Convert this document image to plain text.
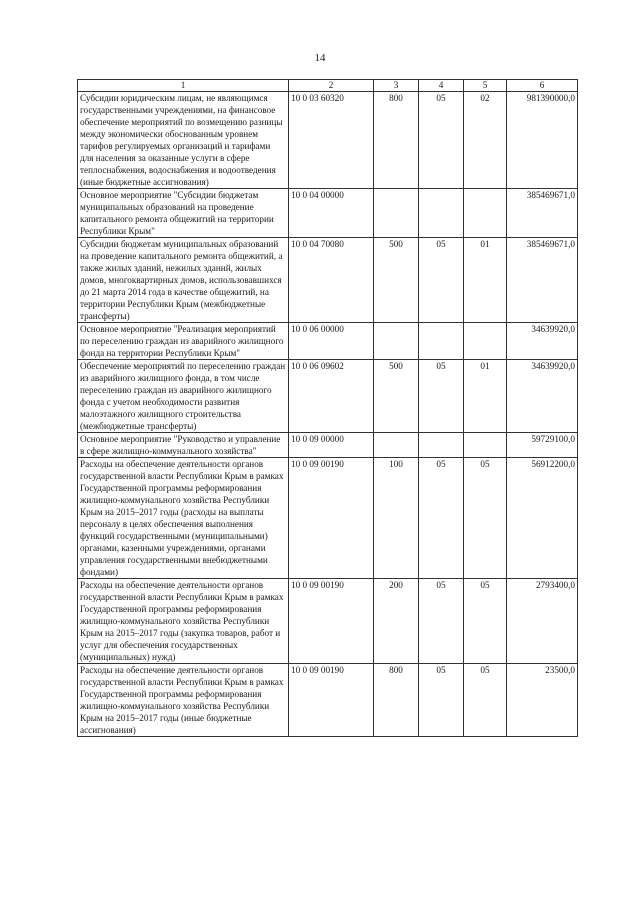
14
1	2	3	4	5	6
Субсидии юридическим лицам, не являющимся государственными учреждениями, на финансовое обеспечение мероприятий по возмещению разницы между экономически обоснованным уровнем тарифов регулируемых организаций и тарифами для населения за оказанные услуги в сфере теплоснабжения, водоснабжения и водоотведения (иные бюджетные ассигнования)	10 0 03 60320	800	05	02	981390000,0
Основное мероприятие "Субсидии бюджетам муниципальных образований на проведение капитального ремонта общежитий на территории Республики Крым"	10 0 04 00000				385469671,0
Субсидии бюджетам муниципальных образований на проведение капитального ремонта общежитий, а также жилых зданий, нежилых зданий, жилых домов, многоквартирных домов, использовавшихся до 21 марта 2014 года в качестве общежитий, на территории Республики Крым (межбюджетные трансферты)	10 0 04 70080	500	05	01	385469671,0
Основное мероприятие "Реализация мероприятий по переселению граждан из аварийного жилищного фонда на территории Республики Крым"	10 0 06 00000				34639920,0
Обеспечение мероприятий по переселению граждан из аварийного жилищного фонда, в том числе переселению граждан из аварийного жилищного фонда с учетом необходимости развития малоэтажного жилищного строительства (межбюджетные трансферты)	10 0 06 09602	500	05	01	34639920,0
Основное мероприятие "Руководство и управление в сфере жилищно-коммунального хозяйства"	10 0 09 00000				59729100,0
Расходы на обеспечение деятельности органов государственной власти Республики Крым в рамках Государственной программы реформирования жилищно-коммунального хозяйства Республики Крым на 2015–2017 годы (расходы на выплаты персоналу в целях обеспечения выполнения функций государственными (муниципальными) органами, казенными учреждениями, органами управления государственными внебюджетными фондами)	10 0 09 00190	100	05	05	56912200,0
Расходы на обеспечение деятельности органов государственной власти Республики Крым в рамках Государственной программы реформирования жилищно-коммунального хозяйства Республики Крым на 2015–2017 годы (закупка товаров, работ и услуг для обеспечения государственных (муниципальных) нужд)	10 0 09 00190	200	05	05	2793400,0
Расходы на обеспечение деятельности органов государственной власти Республики Крым в рамках Государственной программы реформирования жилищно-коммунального хозяйства Республики Крым на 2015–2017 годы (иные бюджетные ассигнования)	10 0 09 00190	800	05	05	23500,0
